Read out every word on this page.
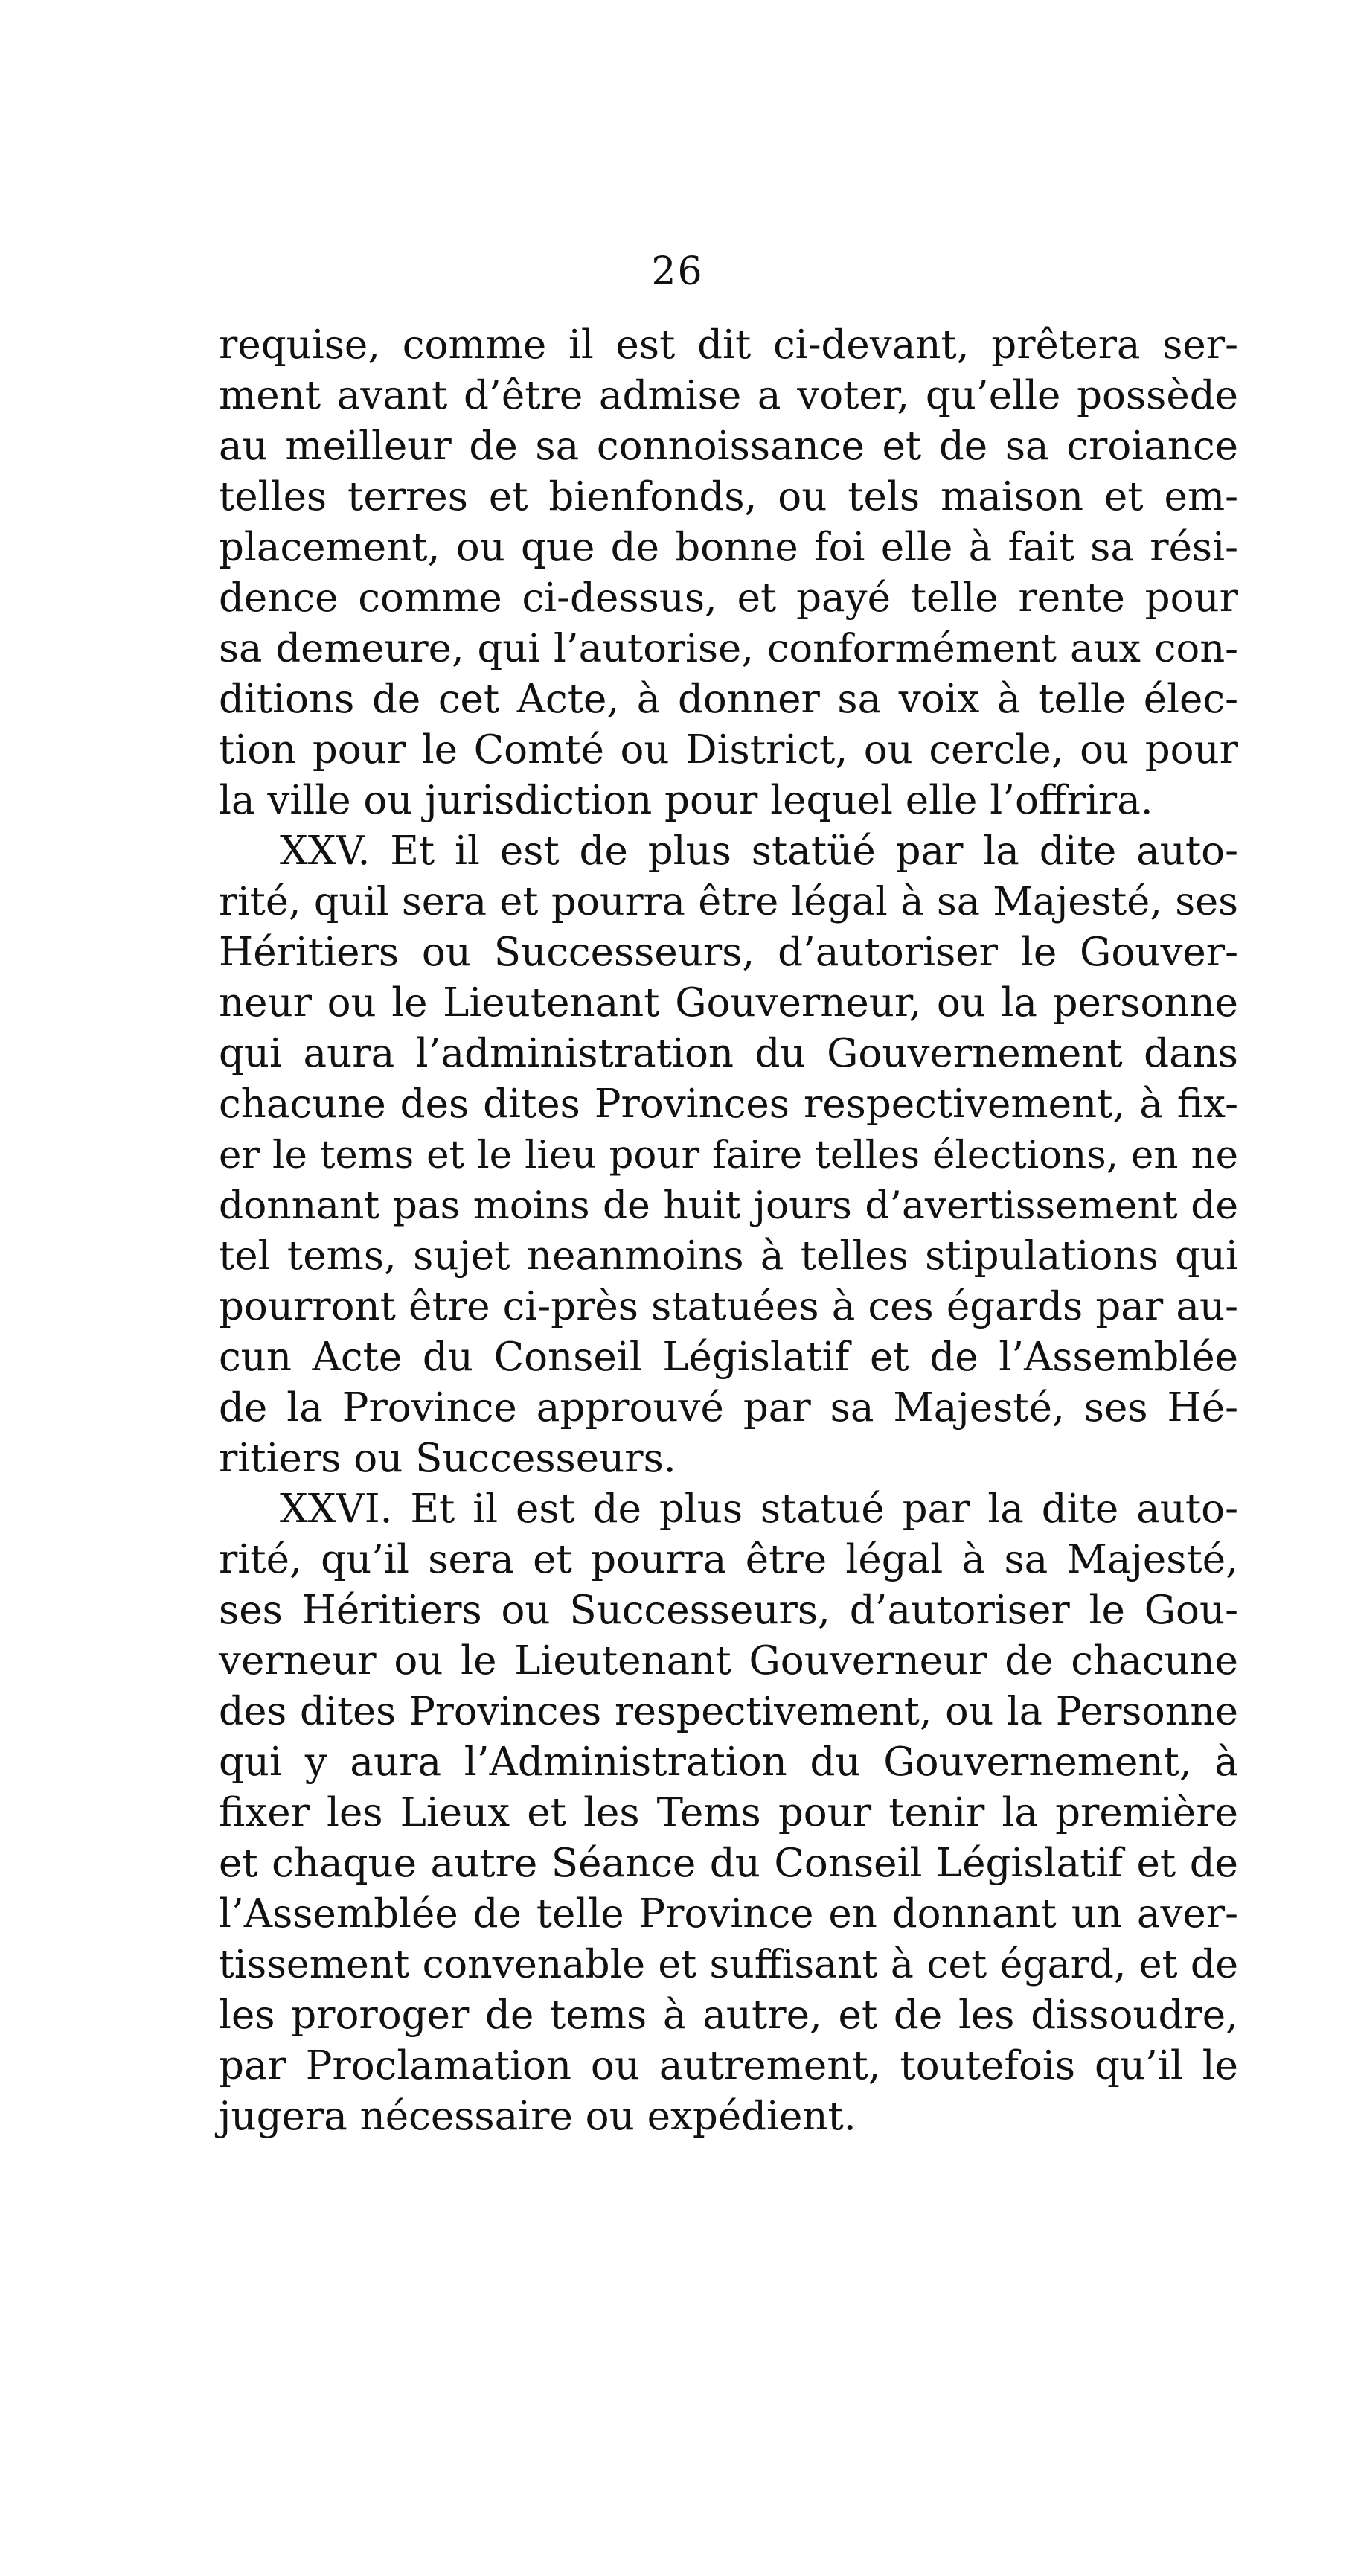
26
requise, comme il est dit ci-devant, prêtera ser-
ment avant d’être admise a voter, qu’elle possède
au meilleur de sa connoissance et de sa croiance
telles terres et bienfonds, ou tels maison et em-
placement, ou que de bonne foi elle à fait sa rési-
dence comme ci-dessus, et payé telle rente pour
sa demeure, qui l’autorise, conformément aux con-
ditions de cet Acte, à donner sa voix à telle élec-
tion pour le Comté ou District, ou cercle, ou pour
la ville ou jurisdiction pour lequel elle l’offrira.
XXV. Et il est de plus statüé par la dite auto-
rité, quil sera et pourra être légal à sa Majesté, ses
Héritiers ou Successeurs, d’autoriser le Gouver-
neur ou le Lieutenant Gouverneur, ou la personne
qui aura l’administration du Gouvernement dans
chacune des dites Provinces respectivement, à fix-
er le tems et le lieu pour faire telles élections, en ne
donnant pas moins de huit jours d’avertissement de
tel tems, sujet neanmoins à telles stipulations qui
pourront être ci-près statuées à ces égards par au-
cun Acte du Conseil Législatif et de l’Assemblée
de la Province approuvé par sa Majesté, ses Hé-
ritiers ou Successeurs.
XXVI. Et il est de plus statué par la dite auto-
rité, qu’il sera et pourra être légal à sa Majesté,
ses Héritiers ou Successeurs, d’autoriser le Gou-
verneur ou le Lieutenant Gouverneur de chacune
des dites Provinces respectivement, ou la Personne
qui y aura l’Administration du Gouvernement, à
fixer les Lieux et les Tems pour tenir la première
et chaque autre Séance du Conseil Législatif et de
l’Assemblée de telle Province en donnant un aver-
tissement convenable et suffisant à cet égard, et de
les proroger de tems à autre, et de les dissoudre,
par Proclamation ou autrement, toutefois qu’il le
jugera nécessaire ou expédient.
